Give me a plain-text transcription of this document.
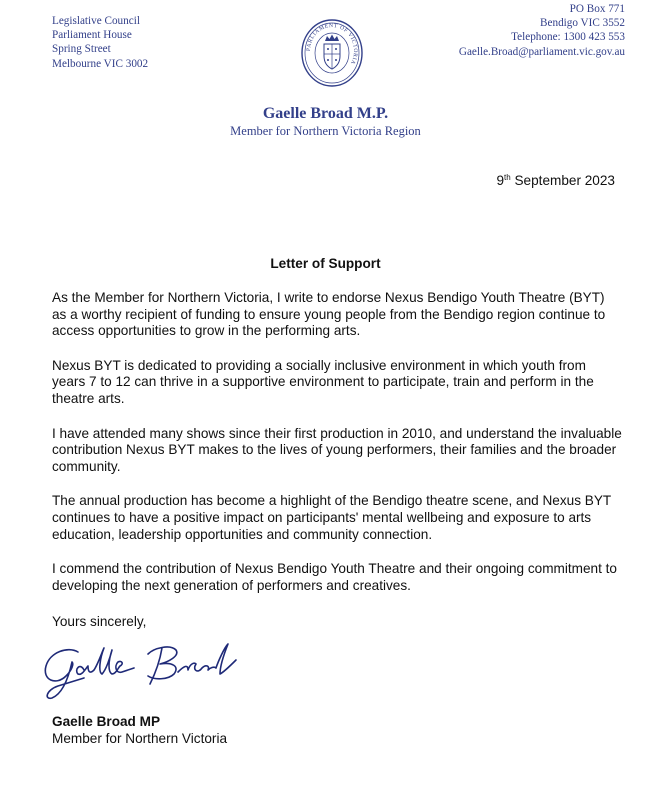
Legislative Council
Parliament House
Spring Street
Melbourne VIC 3002
PARLIAMENT OF VICTORIA
PO Box 771
Bendigo VIC 3552
Telephone: 1300 423 553
Gaelle.Broad@parliament.vic.gov.au
Gaelle Broad M.P.
Member for Northern Victoria Region
9th September 2023
Letter of Support

As the Member for Northern Victoria, I write to endorse Nexus Bendigo Youth Theatre (BYT) as a worthy recipient of funding to ensure young people from the Bendigo region continue to access opportunities to grow in the performing arts.

Nexus BYT is dedicated to providing a socially inclusive environment in which youth from years 7 to 12 can thrive in a supportive environment to participate, train and perform in the theatre arts.

I have attended many shows since their first production in 2010, and understand the invaluable contribution Nexus BYT makes to the lives of young performers, their families and the broader community.

The annual production has become a highlight of the Bendigo theatre scene, and Nexus BYT continues to have a positive impact on participants' mental wellbeing and exposure to arts education, leadership opportunities and community connection.

I commend the contribution of Nexus Bendigo Youth Theatre and their ongoing commitment to developing the next generation of performers and creatives.

Yours sincerely,
Gaelle Broad MP
Member for Northern Victoria
